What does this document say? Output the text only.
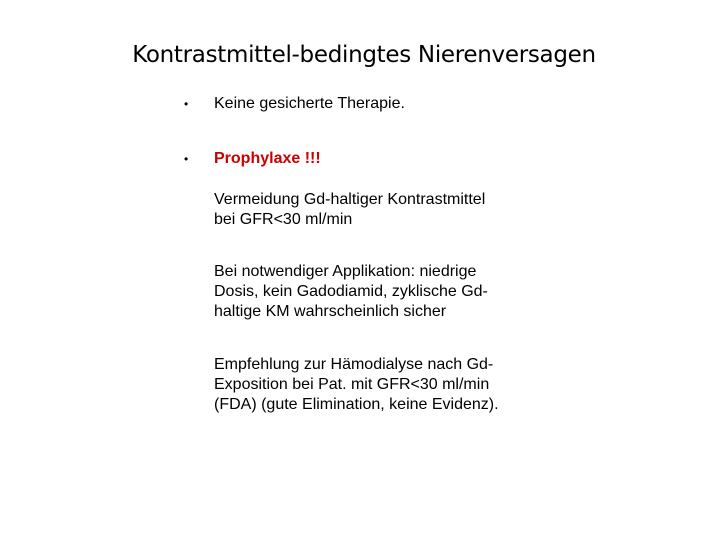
Kontrastmittel-bedingtes Nierenversagen
• Keine gesicherte Therapie.
• Prophylaxe !!!

Vermeidung Gd-haltiger Kontrastmittel
bei GFR<30 ml/min

Bei notwendiger Applikation: niedrige
Dosis, kein Gadodiamid, zyklische Gd-
haltige KM wahrscheinlich sicher

Empfehlung zur Hämodialyse nach Gd-
Exposition bei Pat. mit GFR<30 ml/min
(FDA) (gute Elimination, keine Evidenz).
